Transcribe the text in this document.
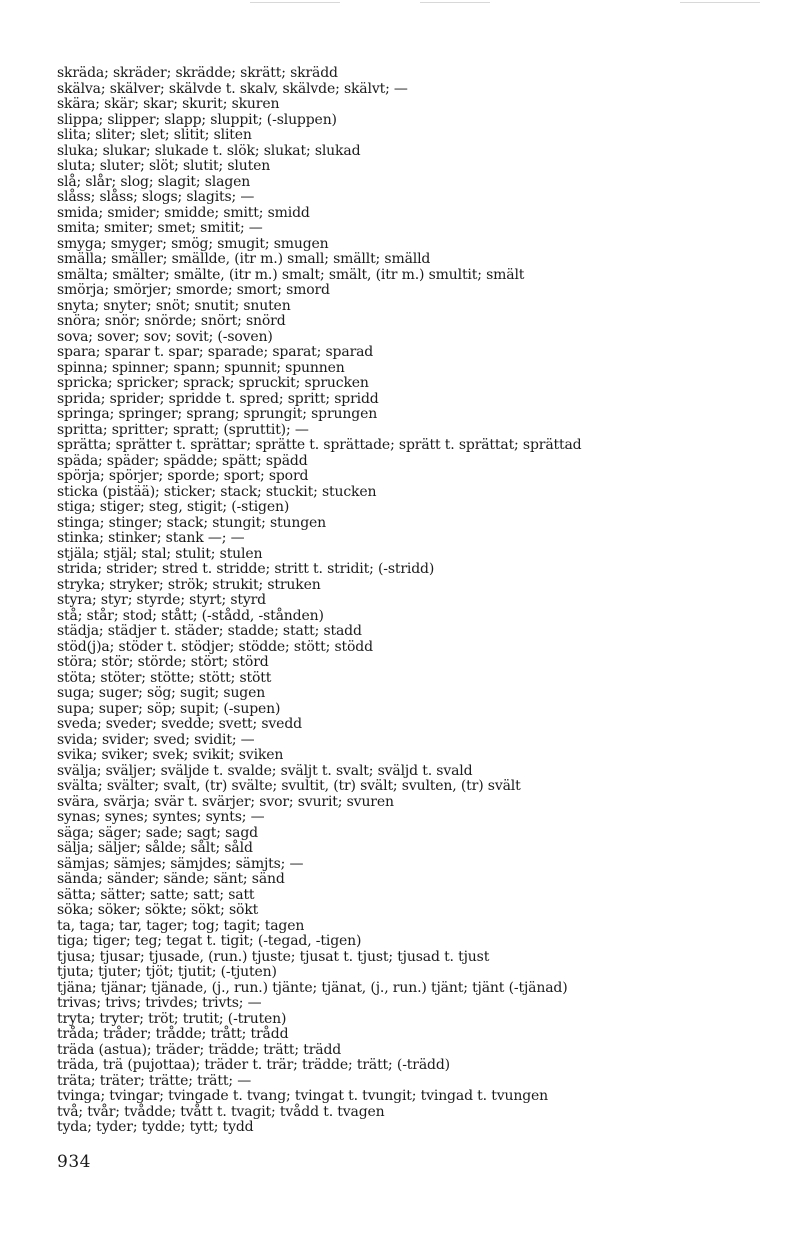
skräda; skräder; skrädde; skrätt; skrädd
skälva; skälver; skälvde t. skalv, skälvde; skälvt; —
skära; skär; skar; skurit; skuren
slippa; slipper; slapp; sluppit; (-sluppen)
slita; sliter; slet; slitit; sliten
sluka; slukar; slukade t. slök; slukat; slukad
sluta; sluter; slöt; slutit; sluten
slå; slår; slog; slagit; slagen
slåss; slåss; slogs; slagits; —
smida; smider; smidde; smitt; smidd
smita; smiter; smet; smitit; —
smyga; smyger; smög; smugit; smugen
smälla; smäller; smällde, (itr m.) small; smällt; smälld
smälta; smälter; smälte, (itr m.) smalt; smält, (itr m.) smultit; smält
smörja; smörjer; smorde; smort; smord
snyta; snyter; snöt; snutit; snuten
snöra; snör; snörde; snört; snörd
sova; sover; sov; sovit; (-soven)
spara; sparar t. spar; sparade; sparat; sparad
spinna; spinner; spann; spunnit; spunnen
spricka; spricker; sprack; spruckit; sprucken
sprida; sprider; spridde t. spred; spritt; spridd
springa; springer; sprang; sprungit; sprungen
spritta; spritter; spratt; (spruttit); —
sprätta; sprätter t. sprättar; sprätte t. sprättade; sprätt t. sprättat; sprättad
späda; späder; spädde; spätt; spädd
spörja; spörjer; sporde; sport; spord
sticka (pistää); sticker; stack; stuckit; stucken
stiga; stiger; steg, stigit; (-stigen)
stinga; stinger; stack; stungit; stungen
stinka; stinker; stank —; —
stjäla; stjäl; stal; stulit; stulen
strida; strider; stred t. stridde; stritt t. stridit; (-stridd)
stryka; stryker; strök; strukit; struken
styra; styr; styrde; styrt; styrd
stå; står; stod; stått; (-stådd, -stånden)
städja; städjer t. städer; stadde; statt; stadd
stöd(j)a; stöder t. stödjer; stödde; stött; stödd
störa; stör; störde; stört; störd
stöta; stöter; stötte; stött; stött
suga; suger; sög; sugit; sugen
supa; super; söp; supit; (-supen)
sveda; sveder; svedde; svett; svedd
svida; svider; sved; svidit; —
svika; sviker; svek; svikit; sviken
svälja; sväljer; sväljde t. svalde; sväljt t. svalt; sväljd t. svald
svälta; svälter; svalt, (tr) svälte; svultit, (tr) svält; svulten, (tr) svält
svära, svärja; svär t. svärjer; svor; svurit; svuren
synas; synes; syntes; synts; —
säga; säger; sade; sagt; sagd
sälja; säljer; sålde; sålt; såld
sämjas; sämjes; sämjdes; sämjts; —
sända; sänder; sände; sänt; sänd
sätta; sätter; satte; satt; satt
söka; söker; sökte; sökt; sökt
ta, taga; tar, tager; tog; tagit; tagen
tiga; tiger; teg; tegat t. tigit; (-tegad, -tigen)
tjusa; tjusar; tjusade, (run.) tjuste; tjusat t. tjust; tjusad t. tjust
tjuta; tjuter; tjöt; tjutit; (-tjuten)
tjäna; tjänar; tjänade, (j., run.) tjänte; tjänat, (j., run.) tjänt; tjänt (-tjänad)
trivas; trivs; trivdes; trivts; —
tryta; tryter; tröt; trutit; (-truten)
tråda; tråder; trådde; trått; trådd
träda (astua); träder; trädde; trätt; trädd
träda, trä (pujottaa); träder t. trär; trädde; trätt; (-trädd)
träta; träter; trätte; trätt; —
tvinga; tvingar; tvingade t. tvang; tvingat t. tvungit; tvingad t. tvungen
två; tvår; tvådde; tvått t. tvagit; tvådd t. tvagen
tyda; tyder; tydde; tytt; tydd
934
